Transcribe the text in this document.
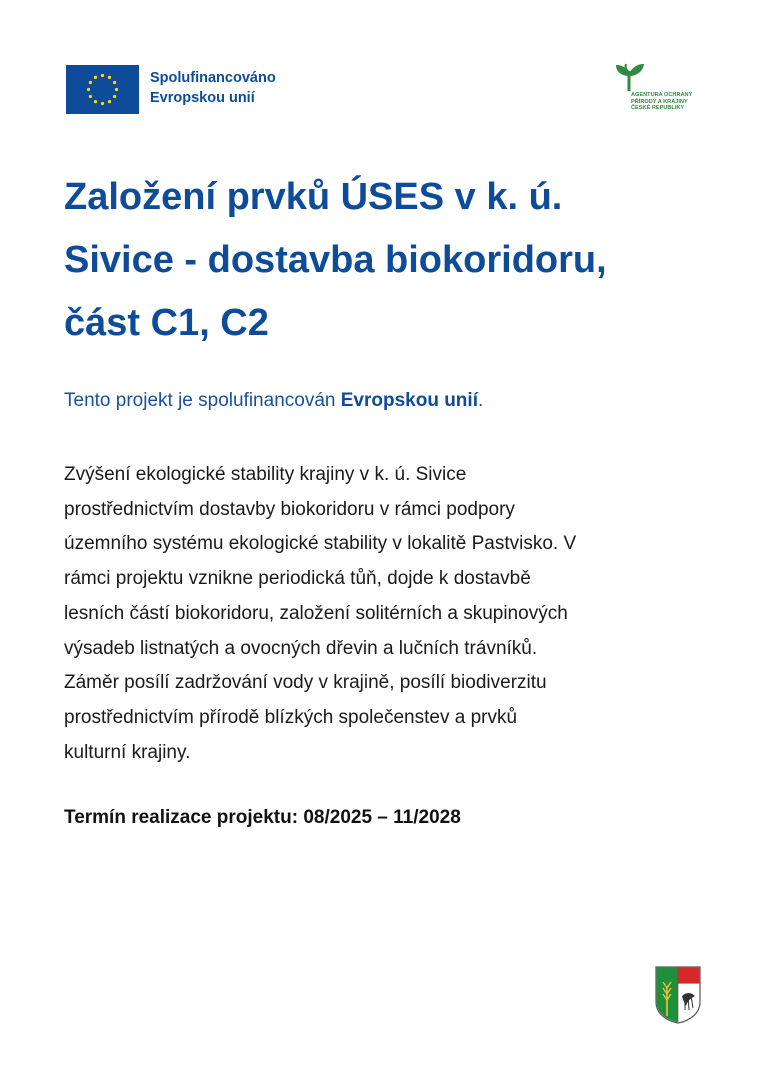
Spolufinancováno
Evropskou unií	AGENTURA OCHRANY
PŘÍRODY A KRAJINY
ČESKÉ REPUBLIKY
Založení prvků ÚSES v k. ú.
Sivice - dostavba biokoridoru,
část C1, C2
Tento projekt je spolufinancován Evropskou unií.
Zvýšení ekologické stability krajiny v k. ú. Sivice
prostřednictvím dostavby biokoridoru v rámci podpory
územního systému ekologické stability v lokalitě Pastvisko. V
rámci projektu vznikne periodická tůň, dojde k dostavbě
lesních částí biokoridoru, založení solitérních a skupinových
výsadeb listnatých a ovocných dřevin a lučních trávníků.
Záměr posílí zadržování vody v krajině, posílí biodiverzitu
prostřednictvím přírodě blízkých společenstev a prvků
kulturní krajiny.
Termín realizace projektu: 08/2025 – 11/2028
